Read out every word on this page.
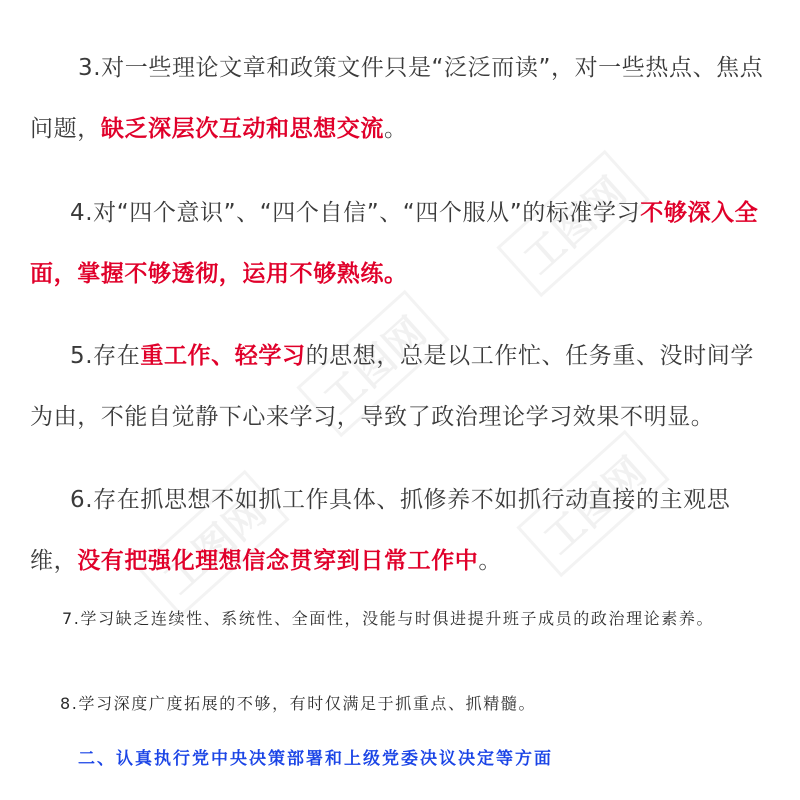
工图网
工图网
工图网	工图网
3.对一些理论文章和政策文件只是“泛泛而读”，对一些热点、焦点问题，缺乏深层次互动和思想交流。
4.对“四个意识”、“四个自信”、“四个服从”的标准学习不够深入全面，掌握不够透彻，运用不够熟练。
5.存在重工作、轻学习的思想，总是以工作忙、任务重、没时间学为由，不能自觉静下心来学习，导致了政治理论学习效果不明显。
6.存在抓思想不如抓工作具体、抓修养不如抓行动直接的主观思维，没有把强化理想信念贯穿到日常工作中。
7.学习缺乏连续性、系统性、全面性，没能与时俱进提升班子成员的政治理论素养。
8.学习深度广度拓展的不够，有时仅满足于抓重点、抓精髓。
二、认真执行党中央决策部署和上级党委决议决定等方面
